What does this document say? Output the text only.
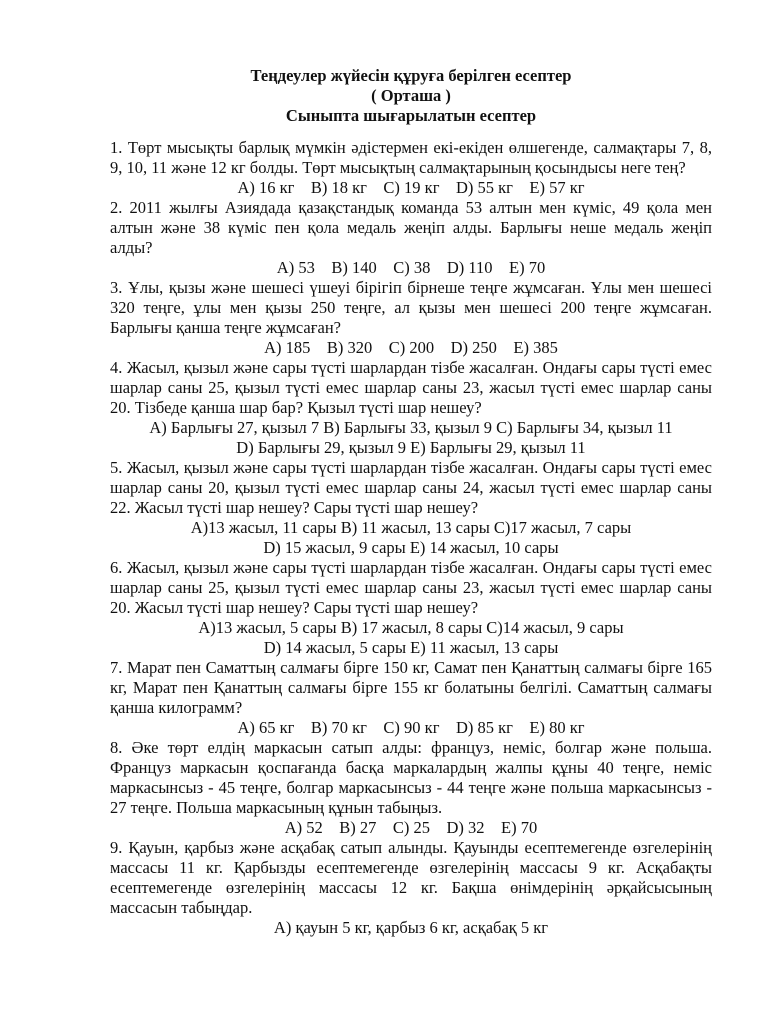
Теңдеулер жүйесін құруға берілген есептер
( Орташа )
Сыныпта шығарылатын есептер
1. Төрт мысықты барлық мүмкін әдістермен екі-екіден өлшегенде, салмақтары 7, 8, 9, 10, 11 және 12 кг болды. Төрт мысықтың салмақтарының қосындысы неге тең?
A) 16 кг    B) 18 кг    C) 19 кг    D) 55 кг    E) 57 кг
2. 2011 жылғы Азиядада қазақстандық команда 53 алтын мен күміс, 49 қола мен алтын және 38 күміс пен қола медаль жеңіп алды. Барлығы неше медаль жеңіп алды?
A) 53    B) 140    C) 38    D) 110    E) 70
3. Ұлы, қызы және шешесі үшеуі бірігіп бірнеше теңге жұмсаған. Ұлы мен шешесі 320 теңге, ұлы мен қызы 250 теңге, ал қызы мен шешесі 200 теңге жұмсаған. Барлығы қанша теңге жұмсаған?
A) 185    B) 320    C) 200    D) 250    E) 385
4. Жасыл, қызыл және сары түсті шарлардан тізбе жасалған. Ондағы сары түсті емес шарлар саны 25, қызыл түсті емес шарлар саны 23, жасыл түсті емес шарлар саны 20. Тізбеде қанша шар бар? Қызыл түсті шар нешеу?
A) Барлығы 27, қызыл 7 B) Барлығы 33, қызыл 9 C) Барлығы 34, қызыл 11
D) Барлығы 29, қызыл 9 E) Барлығы 29, қызыл 11
5. Жасыл, қызыл және сары түсті шарлардан тізбе жасалған. Ондағы сары түсті емес шарлар саны 20, қызыл түсті емес шарлар саны 24, жасыл түсті емес шарлар саны 22. Жасыл түсті шар нешеу? Сары түсті шар нешеу?
A)13 жасыл, 11 сары B) 11 жасыл, 13 сары C)17 жасыл, 7 сары
D) 15 жасыл, 9 сары E) 14 жасыл, 10 сары
6. Жасыл, қызыл және сары түсті шарлардан тізбе жасалған. Ондағы сары түсті емес шарлар саны 25, қызыл түсті емес шарлар саны 23, жасыл түсті емес шарлар саны 20. Жасыл түсті шар нешеу? Сары түсті шар нешеу?
A)13 жасыл, 5 сары B) 17 жасыл, 8 сары C)14 жасыл, 9 сары
D) 14 жасыл, 5 сары E) 11 жасыл, 13 сары
7. Марат пен Саматтың салмағы бірге 150 кг, Самат пен Қанаттың салмағы бірге 165 кг, Марат пен Қанаттың салмағы бірге 155 кг болатыны белгілі. Саматтың салмағы қанша килограмм?
A) 65 кг    B) 70 кг    C) 90 кг    D) 85 кг    E) 80 кг
8. Әке төрт елдің маркасын сатып алды: француз, неміс, болгар және польша. Француз маркасын қоспағанда басқа маркалардың жалпы құны 40 теңге, неміс маркасынсыз - 45 теңге, болгар маркасынсыз - 44 теңге және польша маркасынсыз - 27 теңге. Польша маркасының құнын табыңыз.
A) 52    B) 27    C) 25    D) 32    E) 70
9. Қауын, қарбыз және асқабақ сатып алынды. Қауынды есептемегенде өзгелерінің массасы 11 кг. Қарбызды есептемегенде өзгелерінің массасы 9 кг. Асқабақты есептемегенде өзгелерінің массасы 12 кг. Бақша өнімдерінің әрқайсысының массасын табыңдар.
A) қауын 5 кг, қарбыз 6 кг, асқабақ 5 кг
